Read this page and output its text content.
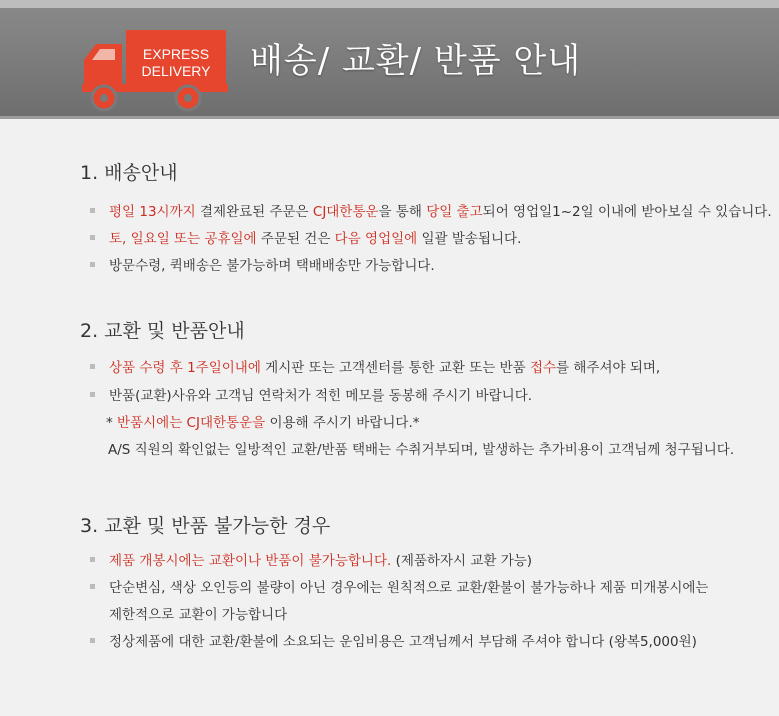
EXPRESS
DELIVERY 배송/ 교환/ 반품 안내
1. 배송안내
평일 13시까지 결제완료된 주문은 CJ대한통운을 통해 당일 출고되어 영업일1~2일 이내에 받아보실 수 있습니다.
토, 일요일 또는 공휴일에 주문된 건은 다음 영업일에 일괄 발송됩니다.
방문수령, 퀵배송은 불가능하며 택배배송만 가능합니다.
2. 교환 및 반품안내
상품 수령 후 1주일이내에 게시판 또는 고객센터를 통한 교환 또는 반품 접수를 해주셔야 되며,
반품(교환)사유와 고객님 연락처가 적힌 메모를 동봉해 주시기 바랍니다.
* 반품시에는 CJ대한통운을 이용해 주시기 바랍니다.*
A/S 직원의 확인없는 일방적인 교환/반품 택배는 수취거부되며, 발생하는 추가비용이 고객님께 청구됩니다.
3. 교환 및 반품 불가능한 경우
제품 개봉시에는 교환이나 반품이 불가능합니다. (제품하자시 교환 가능)
단순변심, 색상 오인등의 불량이 아닌 경우에는 원칙적으로 교환/환불이 불가능하나 제품 미개봉시에는
제한적으로 교환이 가능합니다
정상제품에 대한 교환/환불에 소요되는 운임비용은 고객님께서 부담해 주셔야 합니다 (왕복5,000원)
